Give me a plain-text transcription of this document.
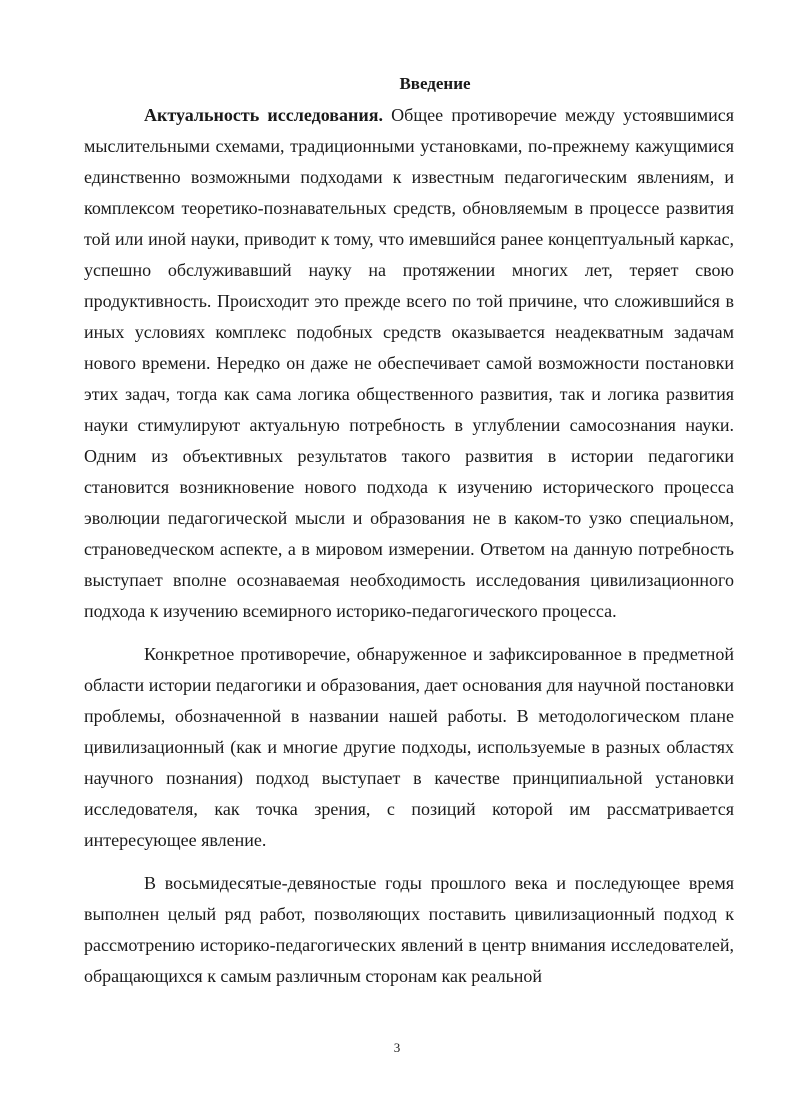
Введение

Актуальность исследования. Общее противоречие между устоявшимися мыслительными схемами, традиционными установками, по-прежнему кажущимися единственно возможными подходами к известным педагогическим явлениям, и комплексом теоретико-познавательных средств, обновляемым в процессе развития той или иной науки, приводит к тому, что имевшийся ранее концептуальный каркас, успешно обслуживавший науку на протяжении многих лет, теряет свою продуктивность. Происходит это прежде всего по той причине, что сложившийся в иных условиях комплекс подобных средств оказывается неадекватным задачам нового времени. Нередко он даже не обеспечивает самой возможности постановки этих задач, тогда как сама логика общественного развития, так и логика развития науки стимулируют актуальную потребность в углублении самосознания науки. Одним из объективных результатов такого развития в истории педагогики становится возникновение нового подхода к изучению исторического процесса эволюции педагогической мысли и образования не в каком-то узко специальном, страноведческом аспекте, а в мировом измерении. Ответом на данную потребность выступает вполне осознаваемая необходимость исследования цивилизационного подхода к изучению всемирного историко-педагогического процесса.

Конкретное противоречие, обнаруженное и зафиксированное в предметной области истории педагогики и образования, дает основания для научной постановки проблемы, обозначенной в названии нашей работы. В методологическом плане цивилизационный (как и многие другие подходы, используемые в разных областях научного познания) подход выступает в качестве принципиальной установки исследователя, как точка зрения, с позиций которой им рассматривается интересующее явление.

В восьмидесятые-девяностые годы прошлого века и последующее время выполнен целый ряд работ, позволяющих поставить цивилизационный подход к рассмотрению историко-педагогических явлений в центр внимания исследователей, обращающихся к самым различным сторонам как реальной

3
